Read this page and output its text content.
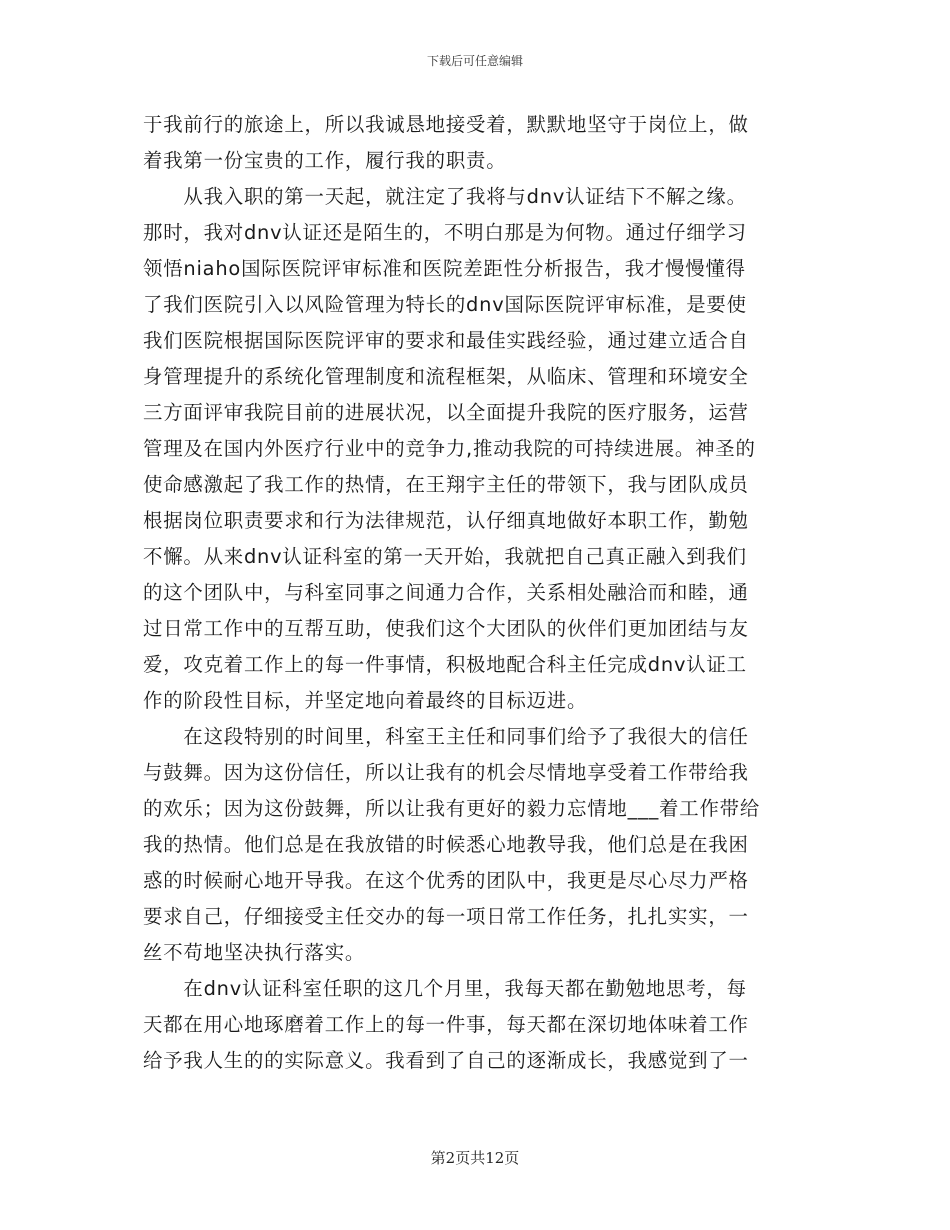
下载后可任意编辑
于我前行的旅途上，所以我诚恳地接受着，默默地坚守于岗位上，做
着我第一份宝贵的工作，履行我的职责。
　　从我入职的第一天起，就注定了我将与dnv认证结下不解之缘。
那时，我对dnv认证还是陌生的，不明白那是为何物。通过仔细学习
领悟niaho国际医院评审标准和医院差距性分析报告，我才慢慢懂得
了我们医院引入以风险管理为特长的dnv国际医院评审标准，是要使
我们医院根据国际医院评审的要求和最佳实践经验，通过建立适合自
身管理提升的系统化管理制度和流程框架，从临床、管理和环境安全
三方面评审我院目前的进展状况，以全面提升我院的医疗服务，运营
管理及在国内外医疗行业中的竞争力,推动我院的可持续进展。神圣的
使命感激起了我工作的热情，在王翔宇主任的带领下，我与团队成员
根据岗位职责要求和行为法律规范，认仔细真地做好本职工作，勤勉
不懈。从来dnv认证科室的第一天开始，我就把自己真正融入到我们
的这个团队中，与科室同事之间通力合作，关系相处融洽而和睦，通
过日常工作中的互帮互助，使我们这个大团队的伙伴们更加团结与友
爱，攻克着工作上的每一件事情，积极地配合科主任完成dnv认证工
作的阶段性目标，并坚定地向着最终的目标迈进。
　　在这段特别的时间里，科室王主任和同事们给予了我很大的信任
与鼓舞。因为这份信任，所以让我有的机会尽情地享受着工作带给我
的欢乐；因为这份鼓舞，所以让我有更好的毅力忘情地___着工作带给
我的热情。他们总是在我放错的时候悉心地教导我，他们总是在我困
惑的时候耐心地开导我。在这个优秀的团队中，我更是尽心尽力严格
要求自己，仔细接受主任交办的每一项日常工作任务，扎扎实实，一
丝不苟地坚决执行落实。
　　在dnv认证科室任职的这几个月里，我每天都在勤勉地思考，每
天都在用心地琢磨着工作上的每一件事，每天都在深切地体味着工作
给予我人生的的实际意义。我看到了自己的逐渐成长，我感觉到了一
第2页共12页
